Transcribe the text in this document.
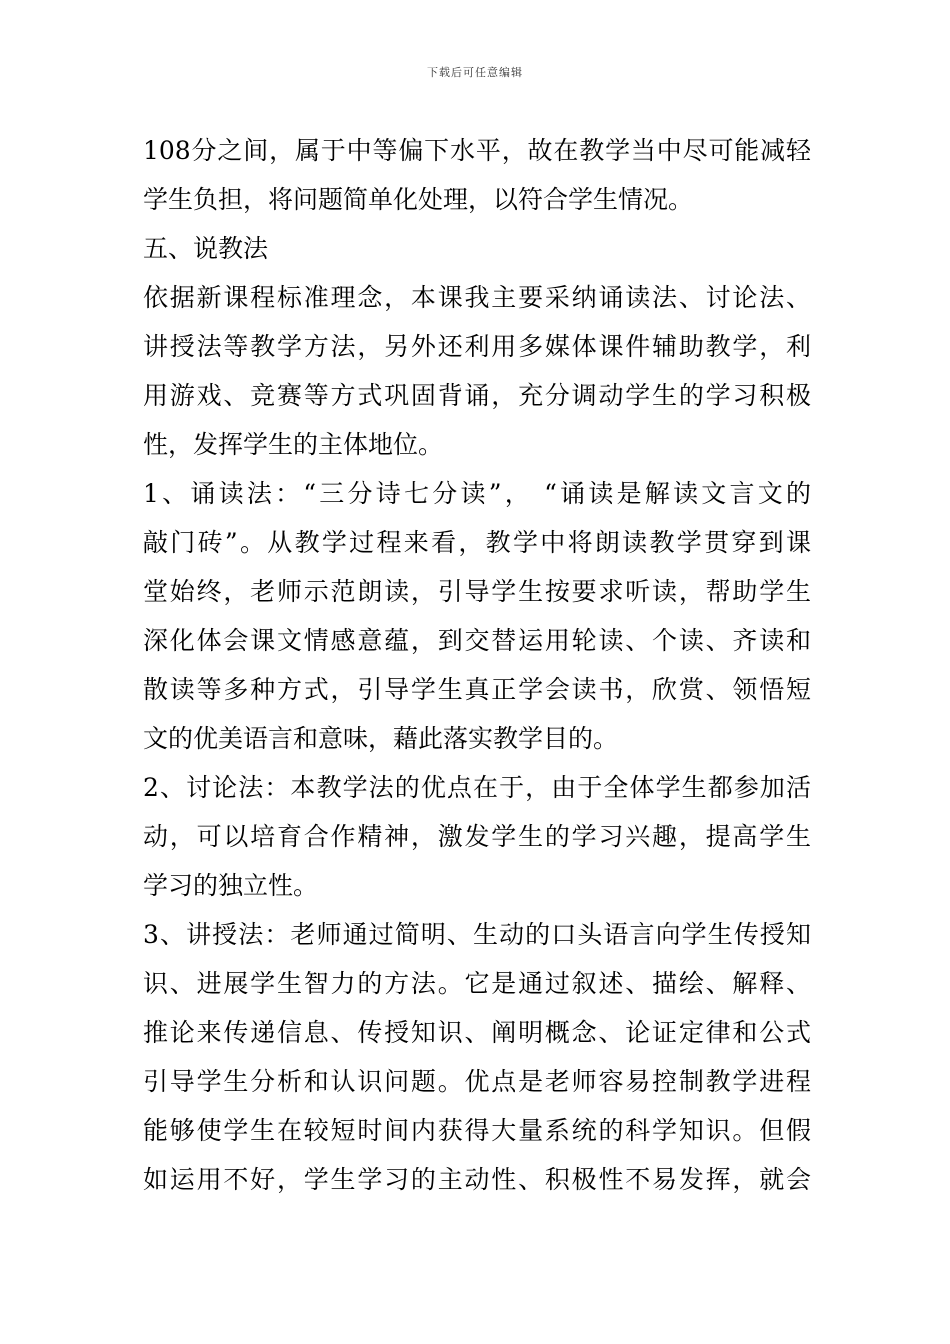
下载后可任意编辑
108分之间，属于中等偏下水平，故在教学当中尽可能减轻
学生负担，将问题简单化处理，以符合学生情况。
五、说教法
依据新课程标准理念，本课我主要采纳诵读法、讨论法、
讲授法等教学方法，另外还利用多媒体课件辅助教学，利
用游戏、竞赛等方式巩固背诵，充分调动学生的学习积极
性，发挥学生的主体地位。
1、诵读法：“三分诗七分读”， “诵读是解读文言文的
敲门砖”。从教学过程来看，教学中将朗读教学贯穿到课
堂始终，老师示范朗读，引导学生按要求听读，帮助学生
深化体会课文情感意蕴，到交替运用轮读、个读、齐读和
散读等多种方式，引导学生真正学会读书，欣赏、领悟短
文的优美语言和意味，藉此落实教学目的。
2、讨论法：本教学法的优点在于，由于全体学生都参加活
动，可以培育合作精神，激发学生的学习兴趣，提高学生
学习的独立性。
3、讲授法：老师通过简明、生动的口头语言向学生传授知
识、进展学生智力的方法。它是通过叙述、描绘、解释、
推论来传递信息、传授知识、阐明概念、论证定律和公式
引导学生分析和认识问题。优点是老师容易控制教学进程
能够使学生在较短时间内获得大量系统的科学知识。但假
如运用不好，学生学习的主动性、积极性不易发挥，就会
